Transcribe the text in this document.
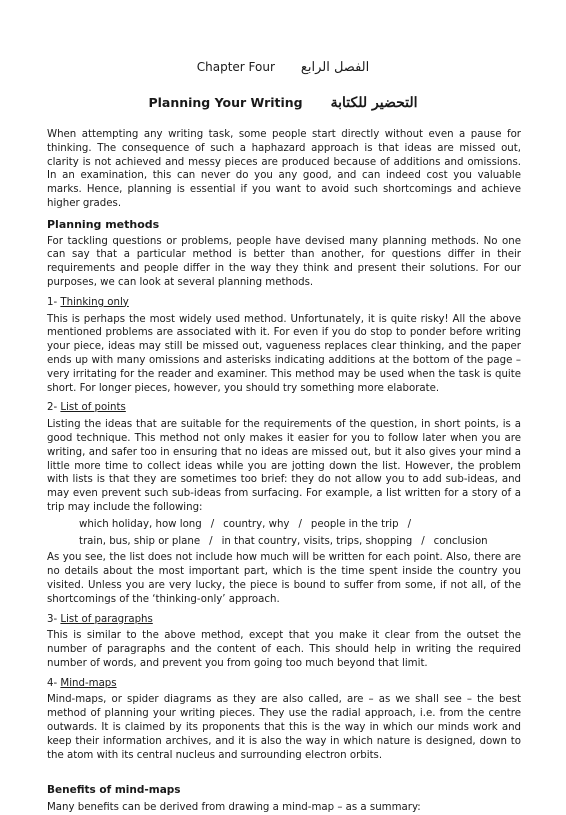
Chapter Four الفصل الرابع
Planning Your Writing التحضير للكتابة

When attempting any writing task, some people start directly without even a pause for thinking. The consequence of such a haphazard approach is that ideas are missed out, clarity is not achieved and messy pieces are produced because of additions and omissions. In an examination, this can never do you any good, and can indeed cost you valuable marks. Hence, planning is essential if you want to avoid such shortcomings and achieve higher grades.

Planning methods

For tackling questions or problems, people have devised many planning methods. No one can say that a particular method is better than another, for questions differ in their requirements and people differ in the way they think and present their solutions. For our purposes, we can look at several planning methods.

1- Thinking only

This is perhaps the most widely used method. Unfortunately, it is quite risky! All the above mentioned problems are associated with it. For even if you do stop to ponder before writing your piece, ideas may still be missed out, vagueness replaces clear thinking, and the paper ends up with many omissions and asterisks indicating additions at the bottom of the page – very irritating for the reader and examiner. This method may be used when the task is quite short. For longer pieces, however, you should try something more elaborate.

2- List of points

Listing the ideas that are suitable for the requirements of the question, in short points, is a good technique. This method not only makes it easier for you to follow later when you are writing, and safer too in ensuring that no ideas are missed out, but it also gives your mind a little more time to collect ideas while you are jotting down the list. However, the problem with lists is that they are sometimes too brief: they do not allow you to add sub-ideas, and may even prevent such sub-ideas from surfacing. For example, a list written for a story of a trip may include the following:

which holiday, how long / country, why / people in the trip /
train, bus, ship or plane / in that country, visits, trips, shopping / conclusion

As you see, the list does not include how much will be written for each point. Also, there are no details about the most important part, which is the time spent inside the country you visited. Unless you are very lucky, the piece is bound to suffer from some, if not all, of the shortcomings of the ‘thinking-only’ approach.

3- List of paragraphs

This is similar to the above method, except that you make it clear from the outset the number of paragraphs and the content of each. This should help in writing the required number of words, and prevent you from going too much beyond that limit.

4- Mind-maps

Mind-maps, or spider diagrams as they are also called, are – as we shall see – the best method of planning your writing pieces. They use the radial approach, i.e. from the centre outwards. It is claimed by its proponents that this is the way in which our minds work and keep their information archives, and it is also the way in which nature is designed, down to the atom with its central nucleus and surrounding electron orbits.

Benefits of mind-maps

Many benefits can be derived from drawing a mind-map – as a summary:
